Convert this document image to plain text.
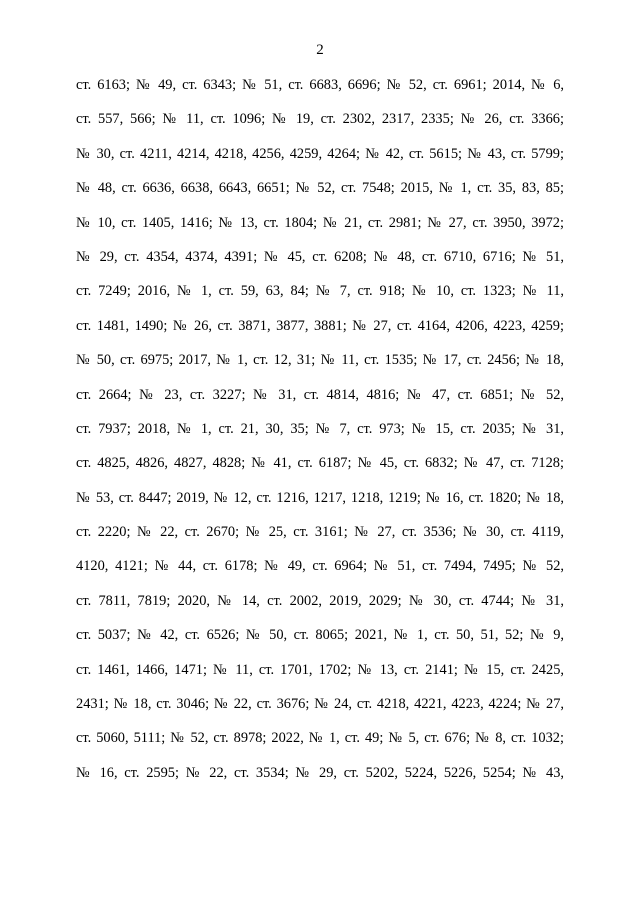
2
ст. 6163; № 49, ст. 6343; № 51, ст. 6683, 6696; № 52, ст. 6961; 2014, № 6,
ст. 557, 566; № 11, ст. 1096; № 19, ст. 2302, 2317, 2335; № 26, ст. 3366;
№ 30, ст. 4211, 4214, 4218, 4256, 4259, 4264; № 42, ст. 5615; № 43, ст. 5799;
№ 48, ст. 6636, 6638, 6643, 6651; № 52, ст. 7548; 2015, № 1, ст. 35, 83, 85;
№ 10, ст. 1405, 1416; № 13, ст. 1804; № 21, ст. 2981; № 27, ст. 3950, 3972;
№ 29, ст. 4354, 4374, 4391; № 45, ст. 6208; № 48, ст. 6710, 6716; № 51,
ст. 7249; 2016, № 1, ст. 59, 63, 84; № 7, ст. 918; № 10, ст. 1323; № 11,
ст. 1481, 1490; № 26, ст. 3871, 3877, 3881; № 27, ст. 4164, 4206, 4223, 4259;
№ 50, ст. 6975; 2017, № 1, ст. 12, 31; № 11, ст. 1535; № 17, ст. 2456; № 18,
ст. 2664; № 23, ст. 3227; № 31, ст. 4814, 4816; № 47, ст. 6851; № 52,
ст. 7937; 2018, № 1, ст. 21, 30, 35; № 7, ст. 973; № 15, ст. 2035; № 31,
ст. 4825, 4826, 4827, 4828; № 41, ст. 6187; № 45, ст. 6832; № 47, ст. 7128;
№ 53, ст. 8447; 2019, № 12, ст. 1216, 1217, 1218, 1219; № 16, ст. 1820; № 18,
ст. 2220; № 22, ст. 2670; № 25, ст. 3161; № 27, ст. 3536; № 30, ст. 4119,
4120, 4121; № 44, ст. 6178; № 49, ст. 6964; № 51, ст. 7494, 7495; № 52,
ст. 7811, 7819; 2020, № 14, ст. 2002, 2019, 2029; № 30, ст. 4744; № 31,
ст. 5037; № 42, ст. 6526; № 50, ст. 8065; 2021, № 1, ст. 50, 51, 52; № 9,
ст. 1461, 1466, 1471; № 11, ст. 1701, 1702; № 13, ст. 2141; № 15, ст. 2425,
2431; № 18, ст. 3046; № 22, ст. 3676; № 24, ст. 4218, 4221, 4223, 4224; № 27,
ст. 5060, 5111; № 52, ст. 8978; 2022, № 1, ст. 49; № 5, ст. 676; № 8, ст. 1032;
№ 16, ст. 2595; № 22, ст. 3534; № 29, ст. 5202, 5224, 5226, 5254; № 43,
